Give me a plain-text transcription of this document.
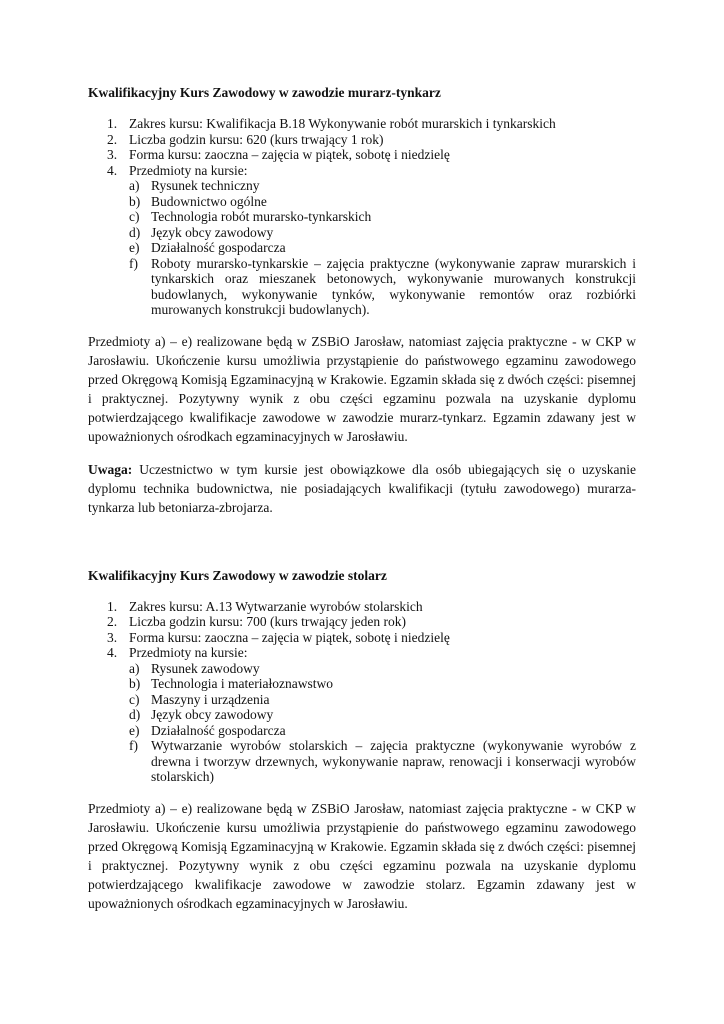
Kwalifikacyjny Kurs Zawodowy w zawodzie murarz-tynkarz

1. Zakres kursu: Kwalifikacja B.18 Wykonywanie robót murarskich i tynkarskich
2. Liczba godzin kursu: 620 (kurs trwający 1 rok)
3. Forma kursu: zaoczna – zajęcia w piątek, sobotę i niedzielę
4. Przedmioty na kursie:
a) Rysunek techniczny
b) Budownictwo ogólne
c) Technologia robót murarsko-tynkarskich
d) Język obcy zawodowy
e) Działalność gospodarcza
f) Roboty murarsko-tynkarskie – zajęcia praktyczne (wykonywanie zapraw murarskich i tynkarskich oraz mieszanek betonowych, wykonywanie murowanych konstrukcji budowlanych, wykonywanie tynków, wykonywanie remontów oraz rozbiórki murowanych konstrukcji budowlanych).

Przedmioty a) – e) realizowane będą w ZSBiO Jarosław, natomiast zajęcia praktyczne - w CKP w Jarosławiu. Ukończenie kursu umożliwia przystąpienie do państwowego egzaminu zawodowego przed Okręgową Komisją Egzaminacyjną w Krakowie. Egzamin składa się z dwóch części: pisemnej i praktycznej. Pozytywny wynik z obu części egzaminu pozwala na uzyskanie dyplomu potwierdzającego kwalifikacje zawodowe w zawodzie murarz-tynkarz. Egzamin zdawany jest w upoważnionych ośrodkach egzaminacyjnych w Jarosławiu.

Uwaga: Uczestnictwo w tym kursie jest obowiązkowe dla osób ubiegających się o uzyskanie dyplomu technika budownictwa, nie posiadających kwalifikacji (tytułu zawodowego) murarza-tynkarza lub betoniarza-zbrojarza.

Kwalifikacyjny Kurs Zawodowy w zawodzie stolarz

1. Zakres kursu: A.13 Wytwarzanie wyrobów stolarskich
2. Liczba godzin kursu: 700 (kurs trwający jeden rok)
3. Forma kursu: zaoczna – zajęcia w piątek, sobotę i niedzielę
4. Przedmioty na kursie:
a) Rysunek zawodowy
b) Technologia i materiałoznawstwo
c) Maszyny i urządzenia
d) Język obcy zawodowy
e) Działalność gospodarcza
f) Wytwarzanie wyrobów stolarskich – zajęcia praktyczne (wykonywanie wyrobów z drewna i tworzyw drzewnych, wykonywanie napraw, renowacji i konserwacji wyrobów stolarskich)

Przedmioty a) – e) realizowane będą w ZSBiO Jarosław, natomiast zajęcia praktyczne - w CKP w Jarosławiu. Ukończenie kursu umożliwia przystąpienie do państwowego egzaminu zawodowego przed Okręgową Komisją Egzaminacyjną w Krakowie. Egzamin składa się z dwóch części: pisemnej i praktycznej. Pozytywny wynik z obu części egzaminu pozwala na uzyskanie dyplomu potwierdzającego kwalifikacje zawodowe w zawodzie stolarz. Egzamin zdawany jest w upoważnionych ośrodkach egzaminacyjnych w Jarosławiu.
